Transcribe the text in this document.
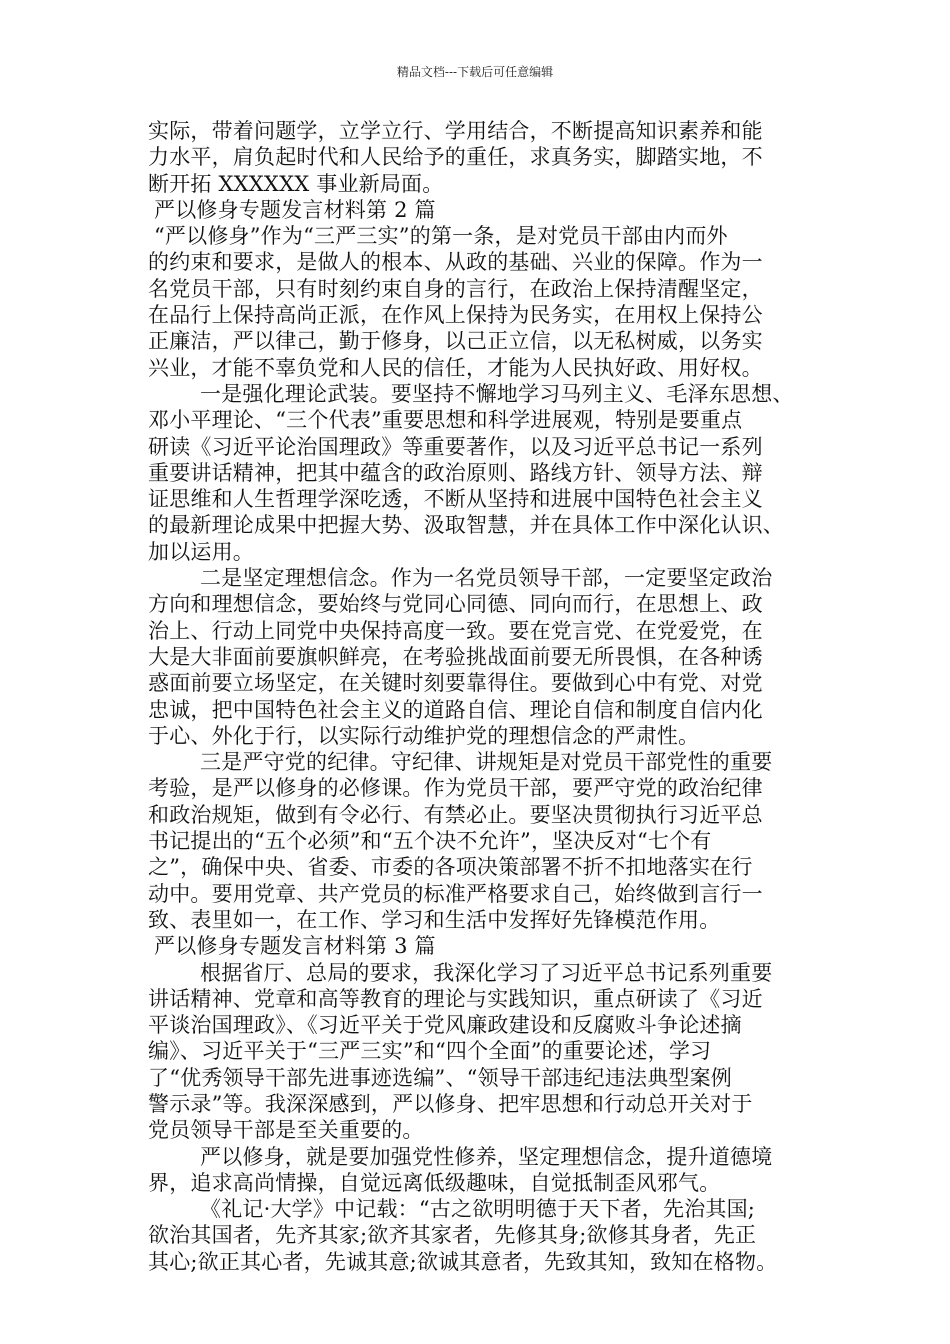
精品文档---下载后可任意编辑
实际，带着问题学，立学立行、学用结合，不断提高知识素养和能
力水平，肩负起时代和人民给予的重任，求真务实，脚踏实地，不
断开拓 XXXXXX 事业新局面。
严以修身专题发言材料第 2 篇
“严以修身”作为“三严三实”的第一条，是对党员干部由内而外
的约束和要求，是做人的根本、从政的基础、兴业的保障。作为一
名党员干部，只有时刻约束自身的言行，在政治上保持清醒坚定，
在品行上保持高尚正派，在作风上保持为民务实，在用权上保持公
正廉洁，严以律己，勤于修身，以己正立信，以无私树威，以务实
兴业，才能不辜负党和人民的信任，才能为人民执好政、用好权。
一是强化理论武装。要坚持不懈地学习马列主义、毛泽东思想、
邓小平理论、“三个代表”重要思想和科学进展观，特别是要重点
研读《习近平论治国理政》等重要著作，以及习近平总书记一系列
重要讲话精神，把其中蕴含的政治原则、路线方针、领导方法、辩
证思维和人生哲理学深吃透，不断从坚持和进展中国特色社会主义
的最新理论成果中把握大势、汲取智慧，并在具体工作中深化认识、
加以运用。
二是坚定理想信念。作为一名党员领导干部，一定要坚定政治
方向和理想信念，要始终与党同心同德、同向而行，在思想上、政
治上、行动上同党中央保持高度一致。要在党言党、在党爱党，在
大是大非面前要旗帜鲜亮，在考验挑战面前要无所畏惧，在各种诱
惑面前要立场坚定，在关键时刻要靠得住。要做到心中有党、对党
忠诚，把中国特色社会主义的道路自信、理论自信和制度自信内化
于心、外化于行，以实际行动维护党的理想信念的严肃性。
三是严守党的纪律。守纪律、讲规矩是对党员干部党性的重要
考验，是严以修身的必修课。作为党员干部，要严守党的政治纪律
和政治规矩，做到有令必行、有禁必止。要坚决贯彻执行习近平总
书记提出的“五个必须”和“五个决不允许”，坚决反对“七个有
之”，确保中央、省委、市委的各项决策部署不折不扣地落实在行
动中。要用党章、共产党员的标准严格要求自己，始终做到言行一
致、表里如一，在工作、学习和生活中发挥好先锋模范作用。
严以修身专题发言材料第 3 篇
根据省厅、总局的要求，我深化学习了习近平总书记系列重要
讲话精神、党章和高等教育的理论与实践知识，重点研读了《习近
平谈治国理政》、《习近平关于党风廉政建设和反腐败斗争论述摘
编》、习近平关于“三严三实”和“四个全面”的重要论述，学习
了“优秀领导干部先进事迹选编”、“领导干部违纪违法典型案例
警示录”等。我深深感到，严以修身、把牢思想和行动总开关对于
党员领导干部是至关重要的。
严以修身，就是要加强党性修养，坚定理想信念，提升道德境
界，追求高尚情操，自觉远离低级趣味，自觉抵制歪风邪气。
《礼记·大学》中记载：“古之欲明明德于天下者，先治其国;
欲治其国者，先齐其家;欲齐其家者，先修其身;欲修其身者，先正
其心;欲正其心者，先诚其意;欲诚其意者，先致其知，致知在格物。
